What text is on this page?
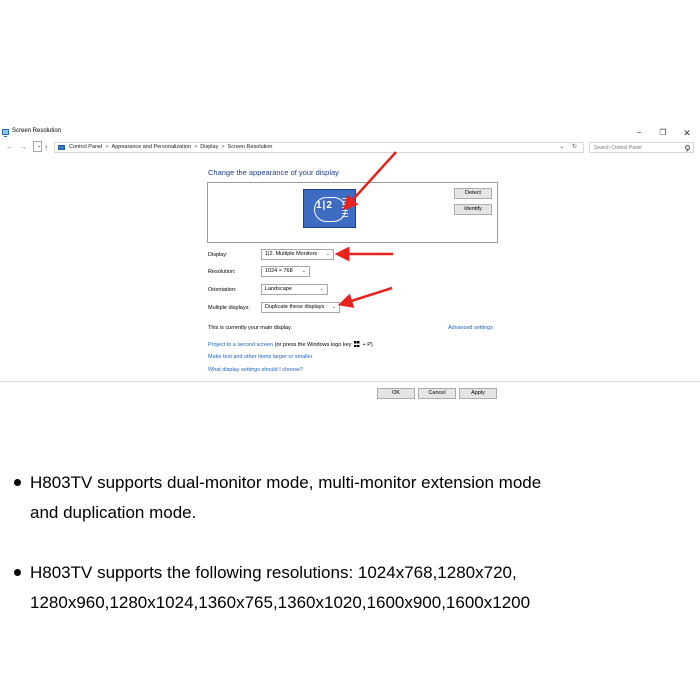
Screen Resolution	−	❐	✕
← →	⌄ ↑	Control Panel > Appearance and Personalization > Display > Screen Resolution	⌄ ↻	Search Control Panel
Change the appearance of your display
1|2
Detect
Identify
Display:	1|2. Multiple Monitors ⌄
Resolution:	1024 × 768 ⌄
Orientation:	Landscape	⌄
Multiple displays:	Duplicate these displays ⌄
This is currently your main display.	Advanced settings
Project to a second screen (or press the Windows logo key + P)
Make text and other items larger or smaller
What display settings should I choose?
OK	Cancel	Apply
H803TV supports dual-monitor mode, multi-monitor extension mode
and duplication mode.
H803TV supports the following resolutions: 1024x768,1280x720,
1280x960,1280x1024,1360x765,1360x1020,1600x900,1600x1200
